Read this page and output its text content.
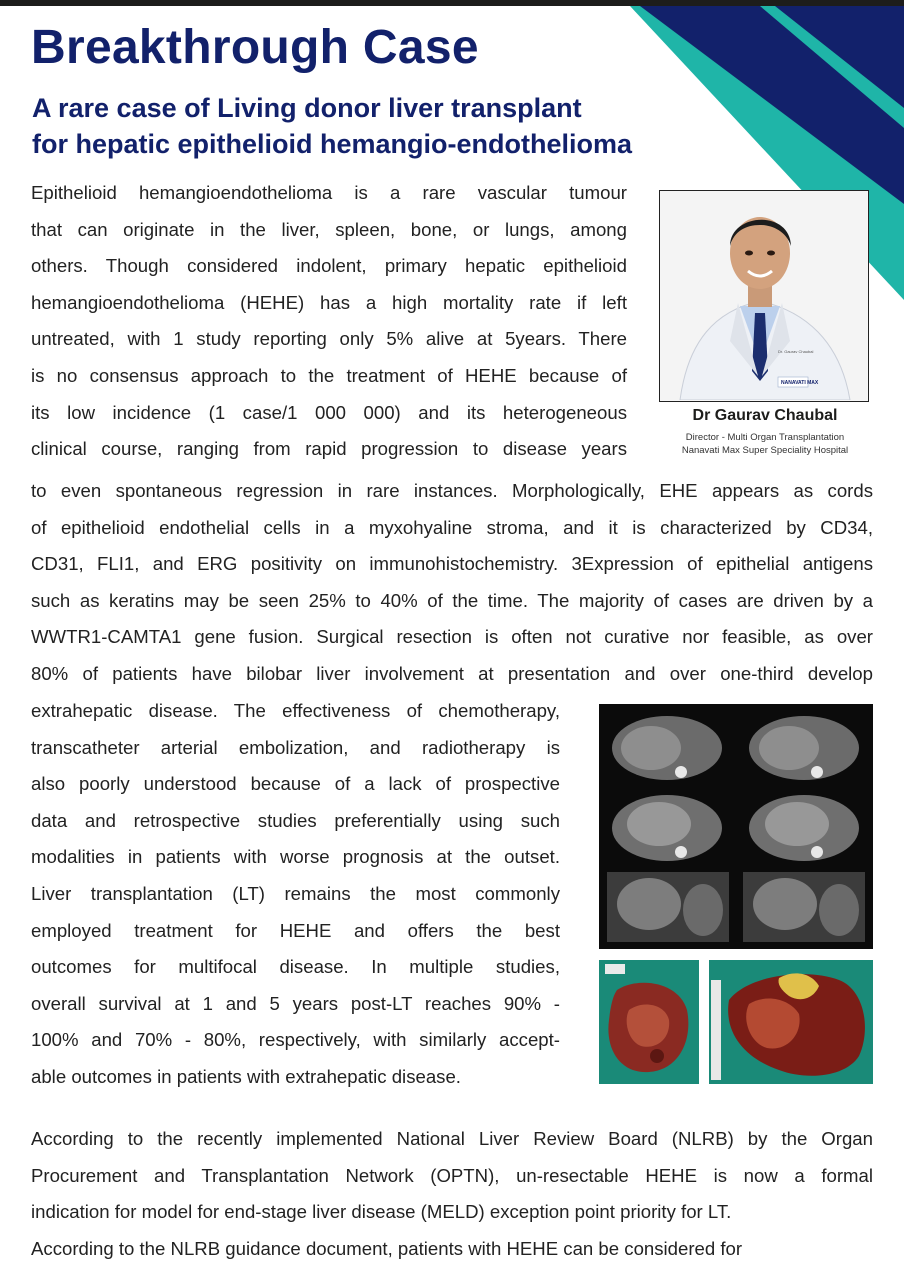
Breakthrough Case
A rare case of Living donor liver transplant
for hepatic epithelioid hemangio-endothelioma
Epithelioid hemangioendothelioma is a rare vascular tumour
that can originate in the liver, spleen, bone, or lungs, among
others. Though considered indolent, primary hepatic epithelioid
hemangioendothelioma (HEHE) has a high mortality rate if left
untreated, with 1 study reporting only 5% alive at 5years. There
is no consensus approach to the treatment of HEHE because of
its low incidence (1 case/1 000 000) and its heterogeneous
clinical course, ranging from rapid progression to disease years
Dr. Gaurav Chaubal
NANAVATI MAX
Dr Gaurav Chaubal
Director - Multi Organ Transplantation
Nanavati Max Super Speciality Hospital
to even spontaneous regression in rare instances. Morphologically, EHE appears as cords
of epithelioid endothelial cells in a myxohyaline stroma, and it is characterized by CD34,
CD31, FLI1, and ERG positivity on immunohistochemistry. 3Expression of epithelial antigens
such as keratins may be seen 25% to 40% of the time. The majority of cases are driven by a
WWTR1-CAMTA1 gene fusion. Surgical resection is often not curative nor feasible, as over
80% of patients have bilobar liver involvement at presentation and over one-third develop
extrahepatic disease. The effectiveness of chemotherapy,
transcatheter arterial embolization, and radiotherapy is
also poorly understood because of a lack of prospective
data and retrospective studies preferentially using such
modalities in patients with worse prognosis at the outset.
Liver transplantation (LT) remains the most commonly
employed treatment for HEHE and offers the best
outcomes for multifocal disease. In multiple studies,
overall survival at 1 and 5 years post-LT reaches 90% -
100% and 70% - 80%, respectively, with similarly accept-
able outcomes in patients with extrahepatic disease.
According to the recently implemented National Liver Review Board (NLRB) by the Organ
Procurement and Transplantation Network (OPTN), un-resectable HEHE is now a formal
indication for model for end-stage liver disease (MELD) exception point priority for LT.
According to the NLRB guidance document, patients with HEHE can be considered for
